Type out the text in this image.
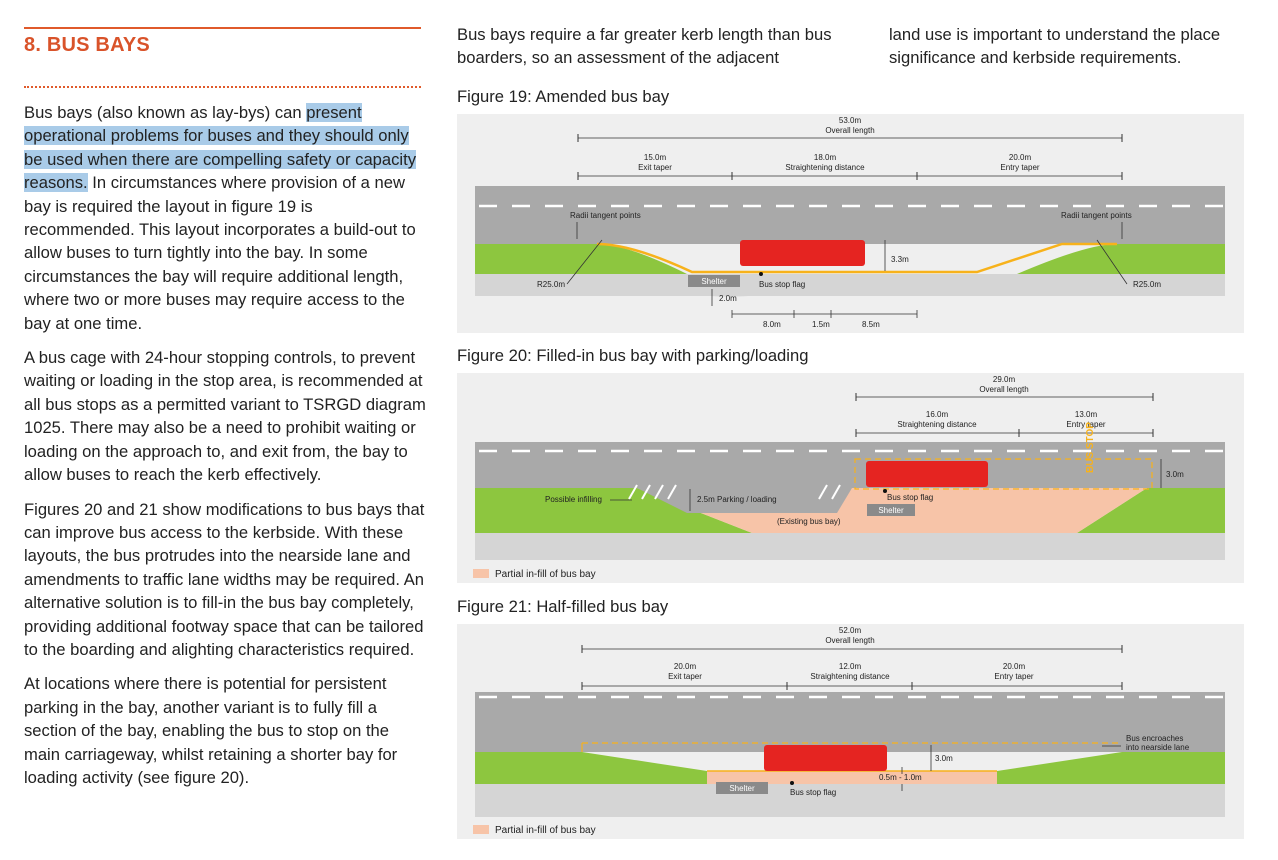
8. BUS BAYS

Bus bays (also known as lay-bys) can present operational problems for buses and they should only be used when there are compelling safety or capacity reasons. In circumstances where provision of a new bay is required the layout in figure 19 is recommended. This layout incorporates a build-out to allow buses to turn tightly into the bay. In some circumstances the bay will require additional length, where two or more buses may require access to the bay at one time.

A bus cage with 24-hour stopping controls, to prevent waiting or loading in the stop area, is recommended at all bus stops as a permitted variant to TSRGD diagram 1025. There may also be a need to prohibit waiting or loading on the approach to, and exit from, the bay to allow buses to reach the kerb effectively.

Figures 20 and 21 show modifications to bus bays that can improve bus access to the kerbside. With these layouts, the bus protrudes into the nearside lane and amendments to traffic lane widths may be required. An alternative solution is to fill-in the bus bay completely, providing additional footway space that can be tailored to the boarding and alighting characteristics required.

At locations where there is potential for persistent parking in the bay, another variant is to fully fill a section of the bay, enabling the bus to stop on the main carriageway, whilst retaining a shorter bay for loading activity (see figure 20).

Bus bays require a far greater kerb length than bus boarders, so an assessment of the adjacent
land use is important to understand the place significance and kerbside requirements.
Figure 19: Amended bus bay
53.0m
Overall length
15.0m
Exit taper
18.0m
Straightening distance
20.0m
Entry taper
Shelter	Bus stop flag
Radii tangent points	Radii tangent points
R25.0m	R25.0m
3.3m
2.0m
8.0m	1.5m	8.5m
Figure 20: Filled-in bus bay with parking/loading
29.0m
Overall length
16.0m
Straightening distance
13.0m
Entry taper
BUS STOP
Shelter
Bus stop flag
Possible infilling	2.5m Parking / loading
(Existing bus bay)
3.0m
Partial in-fill of bus bay
Figure 21: Half-filled bus bay
52.0m
Overall length
20.0m
Exit taper
12.0m
Straightening distance
20.0m
Entry taper
Shelter	Bus stop flag
3.0m
0.5m - 1.0m
Bus encroaches
into nearside lane
Partial in-fill of bus bay
